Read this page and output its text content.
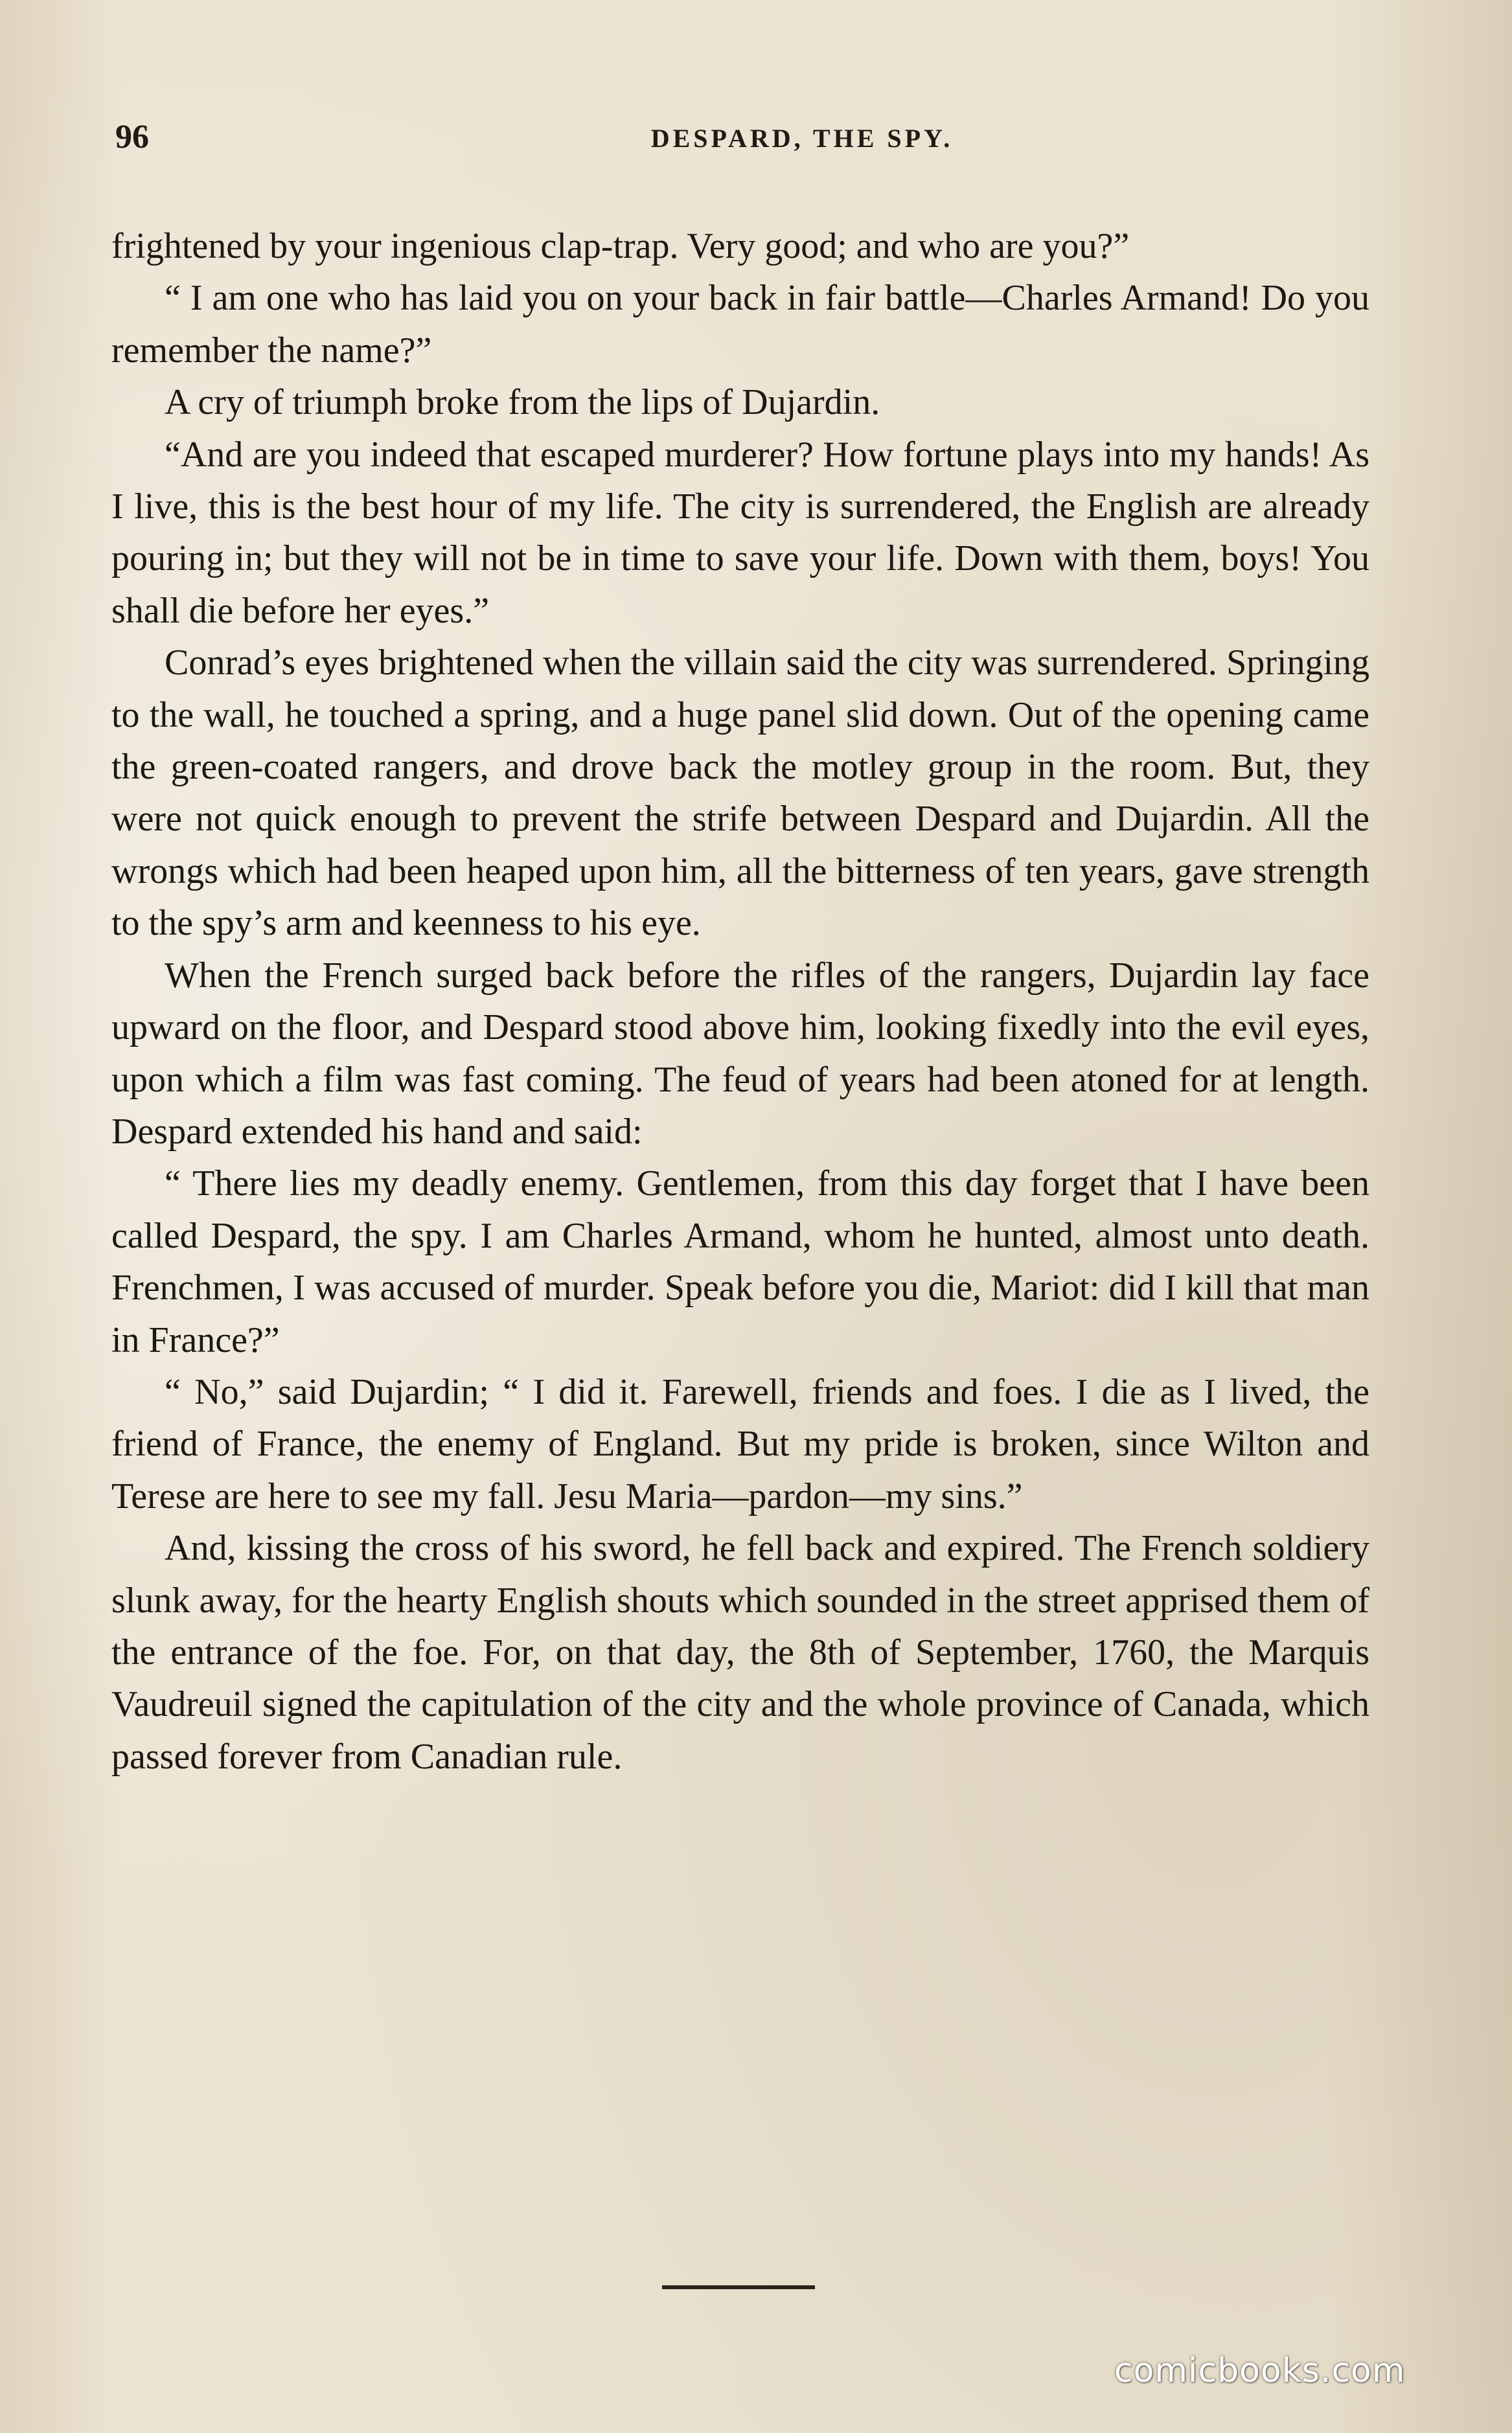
96	DESPARD, THE SPY.

frightened by your ingenious clap-trap. Very good; and who are you?”

“ I am one who has laid you on your back in fair battle—Charles Armand! Do you remember the name?”

A cry of triumph broke from the lips of Dujardin.

“And are you indeed that escaped murderer? How fortune plays into my hands! As I live, this is the best hour of my life. The city is surrendered, the English are already pouring in; but they will not be in time to save your life. Down with them, boys! You shall die before her eyes.”

Conrad’s eyes brightened when the villain said the city was surrendered. Springing to the wall, he touched a spring, and a huge panel slid down. Out of the opening came the green-coated rangers, and drove back the motley group in the room. But, they were not quick enough to prevent the strife between Despard and Dujardin. All the wrongs which had been heaped upon him, all the bitterness of ten years, gave strength to the spy’s arm and keenness to his eye.

When the French surged back before the rifles of the rangers, Dujardin lay face upward on the floor, and Despard stood above him, looking fixedly into the evil eyes, upon which a film was fast coming. The feud of years had been atoned for at length. Despard extended his hand and said:

“ There lies my deadly enemy. Gentlemen, from this day forget that I have been called Despard, the spy. I am Charles Armand, whom he hunted, almost unto death. Frenchmen, I was accused of murder. Speak before you die, Mariot: did I kill that man in France?”

“ No,” said Dujardin; “ I did it. Farewell, friends and foes. I die as I lived, the friend of France, the enemy of England. But my pride is broken, since Wilton and Terese are here to see my fall. Jesu Maria—pardon—my sins.”

And, kissing the cross of his sword, he fell back and expired. The French soldiery slunk away, for the hearty English shouts which sounded in the street apprised them of the entrance of the foe. For, on that day, the 8th of September, 1760, the Marquis Vaudreuil signed the capitulation of the city and the whole province of Canada, which passed forever from Canadian rule.

comicbooks.com
